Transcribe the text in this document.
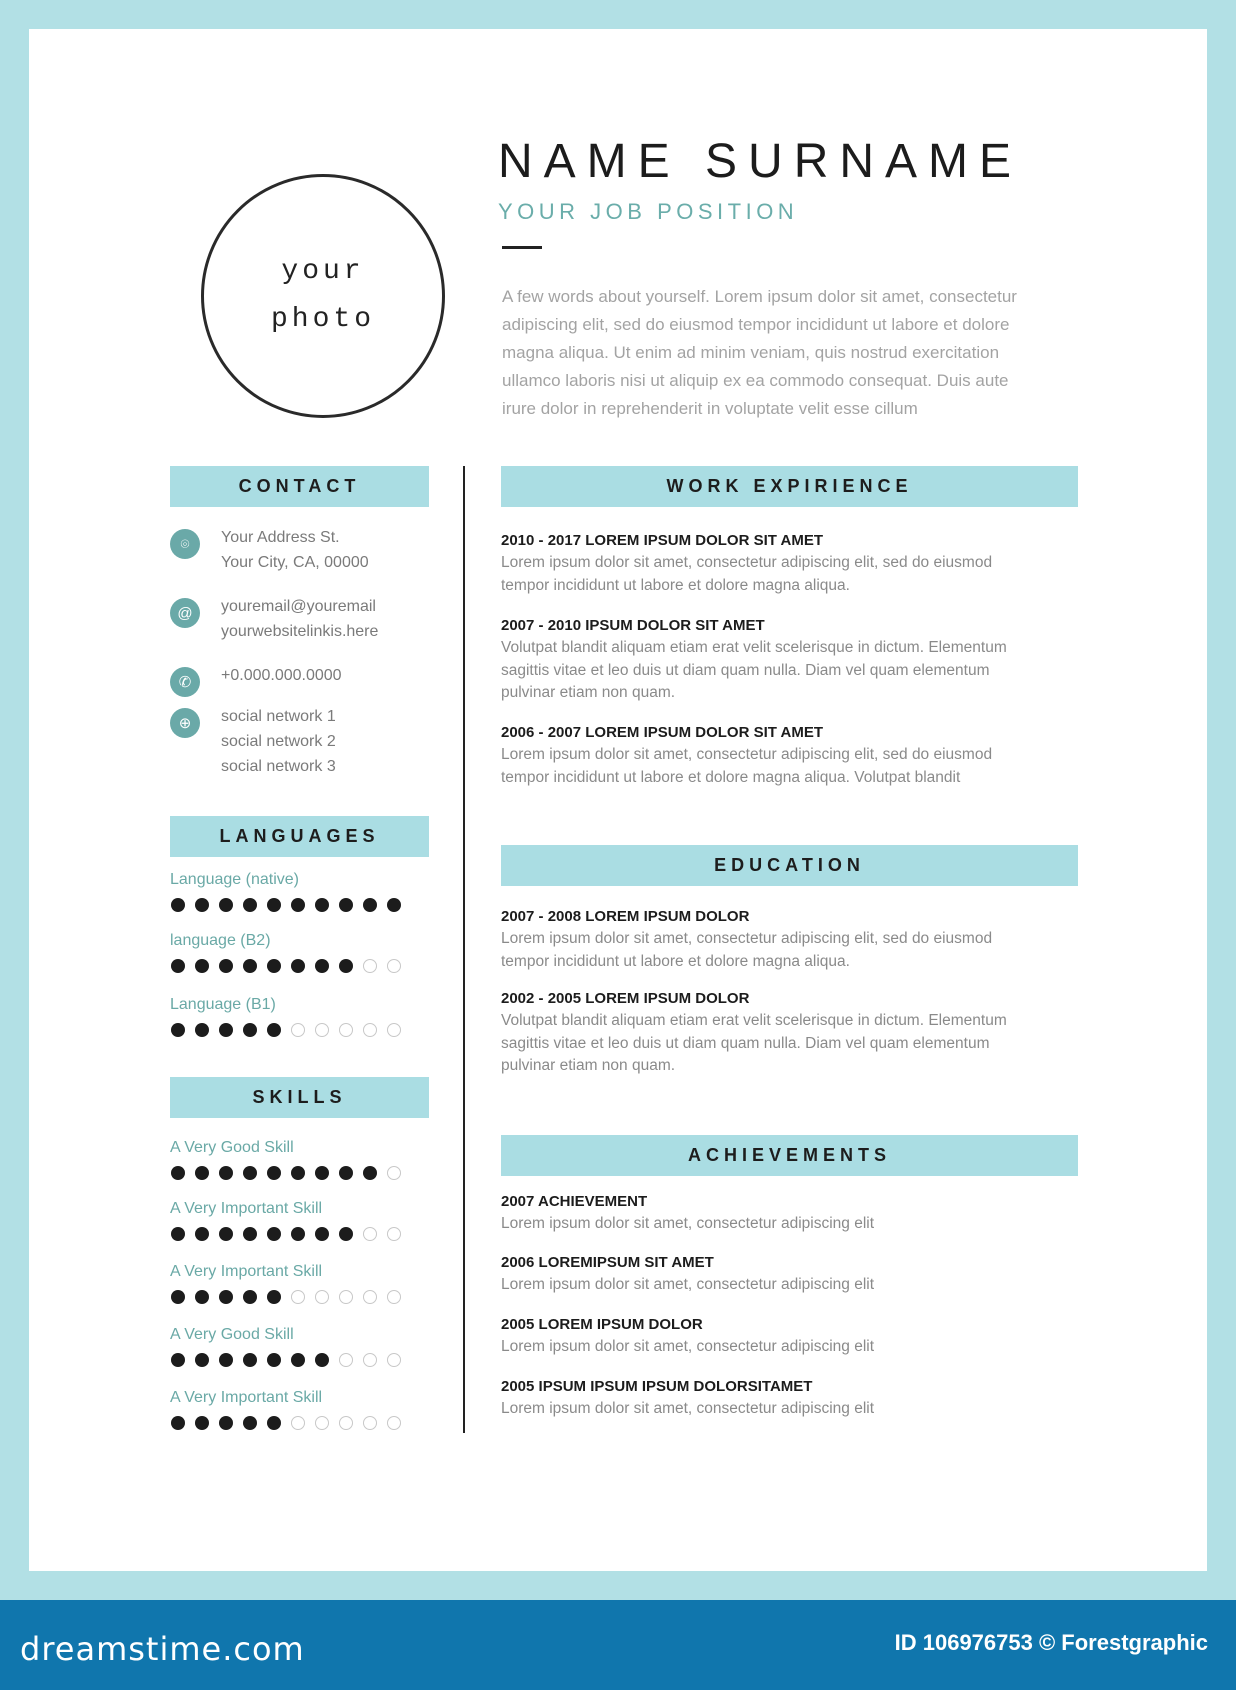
your
photo
NAME SURNAME
YOUR JOB POSITION
A few words about yourself. Lorem ipsum dolor sit amet, consectetur
adipiscing elit, sed do eiusmod tempor incididunt ut labore et dolore
magna aliqua. Ut enim ad minim veniam, quis nostrud exercitation
ullamco laboris nisi ut aliquip ex ea commodo consequat. Duis aute
irure dolor in reprehenderit in voluptate velit esse cillum
CONTACT
LANGUAGES
SKILLS
WORK EXPIRIENCE
EDUCATION
ACHIEVEMENTS
⌾	Your Address St.
Your City, CA, 00000
@	youremail@youremail
yourwebsitelinkis.here
✆	+0.000.000.0000
⊕	social network 1
social network 2
social network 3
Language (native)
language (B2)
Language (B1)
A Very Good Skill
A Very Important Skill
A Very Important Skill
A Very Good Skill
A Very Important Skill
2010 - 2017 LOREM IPSUM DOLOR SIT AMET
Lorem ipsum dolor sit amet, consectetur adipiscing elit, sed do eiusmod
tempor incididunt ut labore et dolore magna aliqua.
2007 - 2010 IPSUM DOLOR SIT AMET
Volutpat blandit aliquam etiam erat velit scelerisque in dictum. Elementum
sagittis vitae et leo duis ut diam quam nulla. Diam vel quam elementum
pulvinar etiam non quam.
2006 - 2007 LOREM IPSUM DOLOR SIT AMET
Lorem ipsum dolor sit amet, consectetur adipiscing elit, sed do eiusmod
tempor incididunt ut labore et dolore magna aliqua. Volutpat blandit
2007 - 2008 LOREM IPSUM DOLOR
Lorem ipsum dolor sit amet, consectetur adipiscing elit, sed do eiusmod
tempor incididunt ut labore et dolore magna aliqua.
2002 - 2005 LOREM IPSUM DOLOR
Volutpat blandit aliquam etiam erat velit scelerisque in dictum. Elementum
sagittis vitae et leo duis ut diam quam nulla. Diam vel quam elementum
pulvinar etiam non quam.
2007 ACHIEVEMENT
Lorem ipsum dolor sit amet, consectetur adipiscing elit
2006 LOREMIPSUM SIT AMET
Lorem ipsum dolor sit amet, consectetur adipiscing elit
2005 LOREM IPSUM DOLOR
Lorem ipsum dolor sit amet, consectetur adipiscing elit
2005 IPSUM IPSUM IPSUM DOLORSITAMET
Lorem ipsum dolor sit amet, consectetur adipiscing elit
dreamstime.com	ID 106976753 © Forestgraphic
